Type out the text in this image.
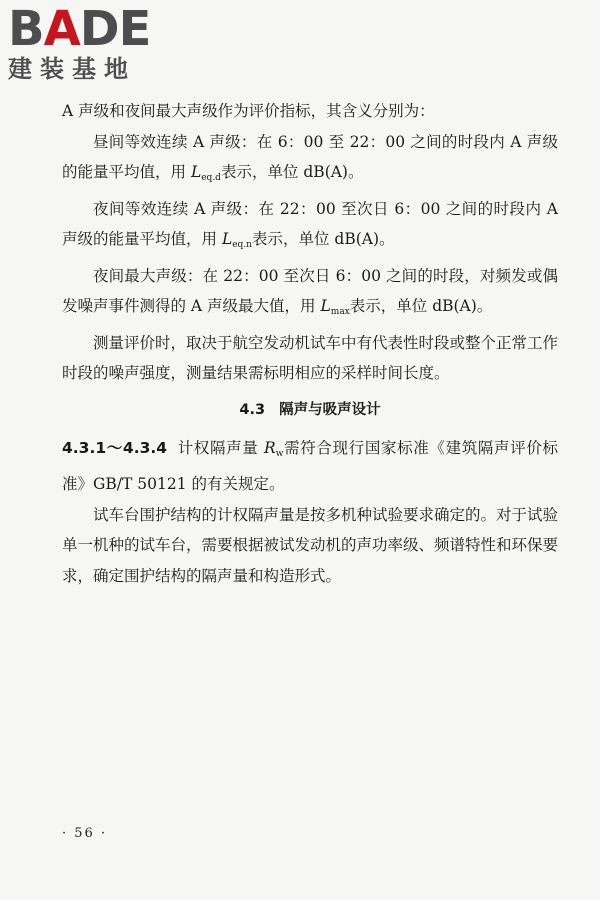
BADE
建装基地

A 声级和夜间最大声级作为评价指标，其含义分别为：

昼间等效连续 A 声级：在 6：00 至 22：00 之间的时段内 A 声级的能量平均值，用 $L_{eq.d}$表示，单位 dB(A)。

夜间等效连续 A 声级：在 22：00 至次日 6：00 之间的时段内 A 声级的能量平均值，用 $L_{eq.n}$表示，单位 dB(A)。

夜间最大声级：在 22：00 至次日 6：00 之间的时段，对频发或偶发噪声事件测得的 A 声级最大值，用 $L_{max}$表示，单位 dB(A)。

测量评价时，取决于航空发动机试车中有代表性时段或整个正常工作时段的噪声强度，测量结果需标明相应的采样时间长度。

4.3 隔声与吸声设计

4.3.1～4.3.4 计权隔声量 $R_w$需符合现行国家标准《建筑隔声评价标准》GB/T 50121 的有关规定。

试车台围护结构的计权隔声量是按多机种试验要求确定的。对于试验单一机种的试车台，需要根据被试发动机的声功率级、频谱特性和环保要求，确定围护结构的隔声量和构造形式。

· 56 ·
